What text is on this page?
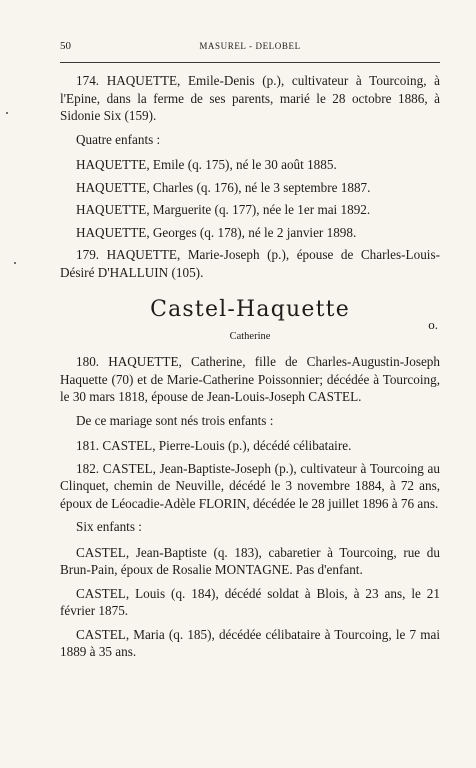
50	MASUREL - DELOBEL

174. HAQUETTE, Emile-Denis (p.), cultivateur à Tourcoing, à l'Epine, dans la ferme de ses parents, marié le 28 octobre 1886, à Sidonie Six (159).

Quatre enfants :

HAQUETTE, Emile (q. 175), né le 30 août 1885.

HAQUETTE, Charles (q. 176), né le 3 septembre 1887.

HAQUETTE, Marguerite (q. 177), née le 1er mai 1892.

HAQUETTE, Georges (q. 178), né le 2 janvier 1898.

179. HAQUETTE, Marie-Joseph (p.), épouse de Charles-Louis-Désiré D'HALLUIN (105).

Castel-Haquette
o.
Catherine

180. HAQUETTE, Catherine, fille de Charles-Augustin-Joseph Haquette (70) et de Marie-Catherine Poissonnier; décédée à Tourcoing, le 30 mars 1818, épouse de Jean-Louis-Joseph CASTEL.

De ce mariage sont nés trois enfants :

181. CASTEL, Pierre-Louis (p.), décédé célibataire.

182. CASTEL, Jean-Baptiste-Joseph (p.), cultivateur à Tourcoing au Clinquet, chemin de Neuville, décédé le 3 novembre 1884, à 72 ans, époux de Léocadie-Adèle FLORIN, décédée le 28 juillet 1896 à 76 ans.

Six enfants :

CASTEL, Jean-Baptiste (q. 183), cabaretier à Tourcoing, rue du Brun-Pain, époux de Rosalie MONTAGNE. Pas d'enfant.

CASTEL, Louis (q. 184), décédé soldat à Blois, à 23 ans, le 21 février 1875.

CASTEL, Maria (q. 185), décédée célibataire à Tourcoing, le 7 mai 1889 à 35 ans.
